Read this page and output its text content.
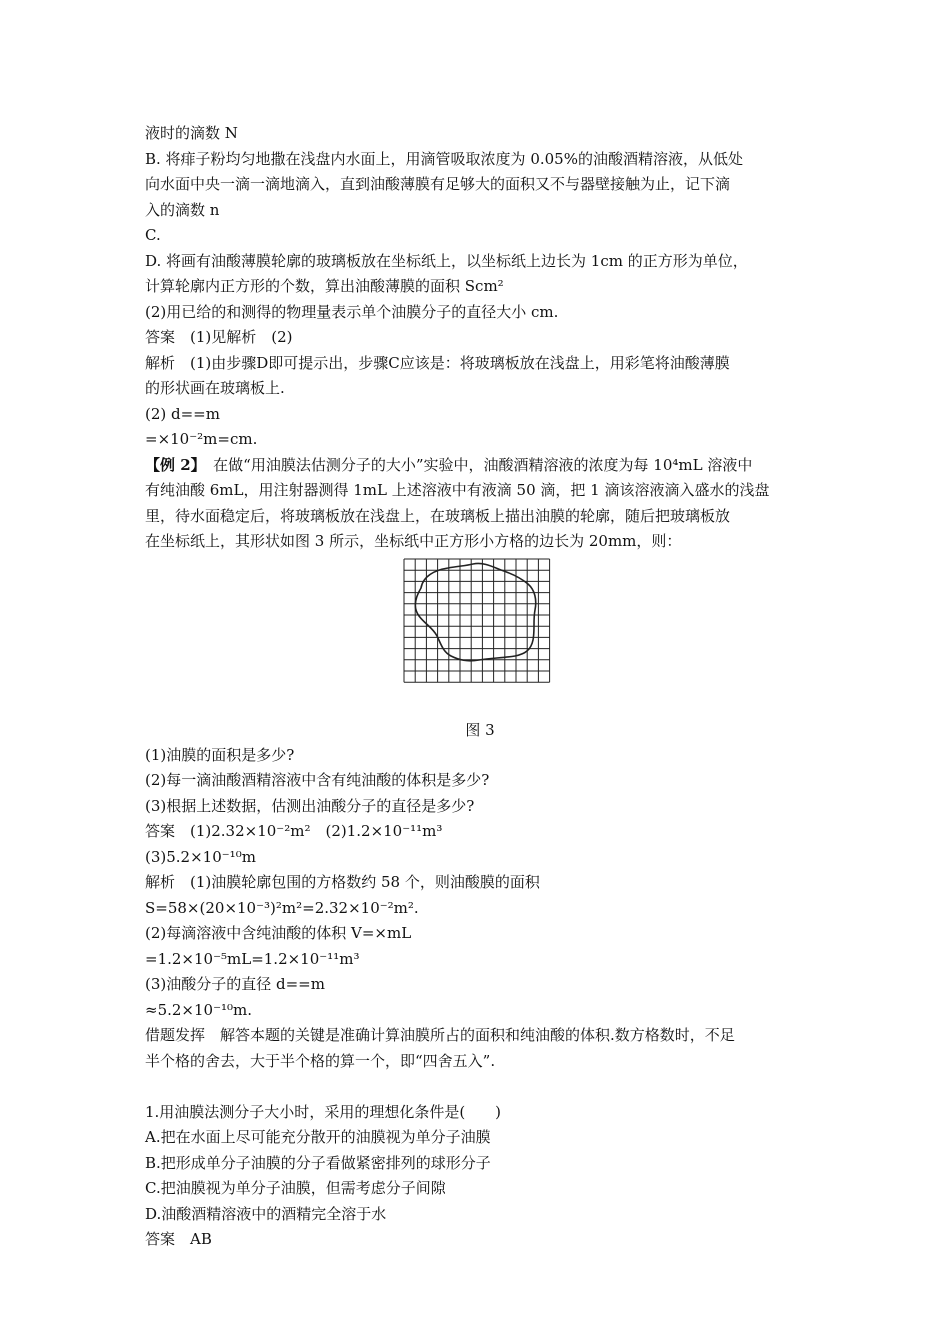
液时的滴数 N
B. 将痱子粉均匀地撒在浅盘内水面上，用滴管吸取浓度为 0.05%的油酸酒精溶液，从低处
向水面中央一滴一滴地滴入，直到油酸薄膜有足够大的面积又不与器壁接触为止，记下滴
入的滴数 n
C.
D. 将画有油酸薄膜轮廓的玻璃板放在坐标纸上，以坐标纸上边长为 1cm 的正方形为单位，
计算轮廓内正方形的个数，算出油酸薄膜的面积 Scm²
(2)用已给的和测得的物理量表示单个油膜分子的直径大小 cm.
答案　(1)见解析　(2)
解析　(1)由步骤D即可提示出，步骤C应该是：将玻璃板放在浅盘上，用彩笔将油酸薄膜
的形状画在玻璃板上.
(2) d==m
=×10⁻²m=cm.
【例 2】　在做“用油膜法估测分子的大小”实验中，油酸酒精溶液的浓度为每 10⁴mL 溶液中
有纯油酸 6mL，用注射器测得 1mL 上述溶液中有液滴 50 滴，把 1 滴该溶液滴入盛水的浅盘
里，待水面稳定后，将玻璃板放在浅盘上，在玻璃板上描出油膜的轮廓，随后把玻璃板放
在坐标纸上，其形状如图 3 所示，坐标纸中正方形小方格的边长为 20mm，则：
图 3
(1)油膜的面积是多少?
(2)每一滴油酸酒精溶液中含有纯油酸的体积是多少?
(3)根据上述数据，估测出油酸分子的直径是多少?
答案　(1)2.32×10⁻²m²　(2)1.2×10⁻¹¹m³
(3)5.2×10⁻¹⁰m
解析　(1)油膜轮廓包围的方格数约 58 个，则油酸膜的面积
S=58×(20×10⁻³)²m²=2.32×10⁻²m².
(2)每滴溶液中含纯油酸的体积 V=×mL
=1.2×10⁻⁵mL=1.2×10⁻¹¹m³
(3)油酸分子的直径 d==m
≈5.2×10⁻¹⁰m.
借题发挥　解答本题的关键是准确计算油膜所占的面积和纯油酸的体积.数方格数时，不足
半个格的舍去，大于半个格的算一个，即“四舍五入”.
1.用油膜法测分子大小时，采用的理想化条件是(　　)
A.把在水面上尽可能充分散开的油膜视为单分子油膜
B.把形成单分子油膜的分子看做紧密排列的球形分子
C.把油膜视为单分子油膜，但需考虑分子间隙
D.油酸酒精溶液中的酒精完全溶于水
答案　AB
